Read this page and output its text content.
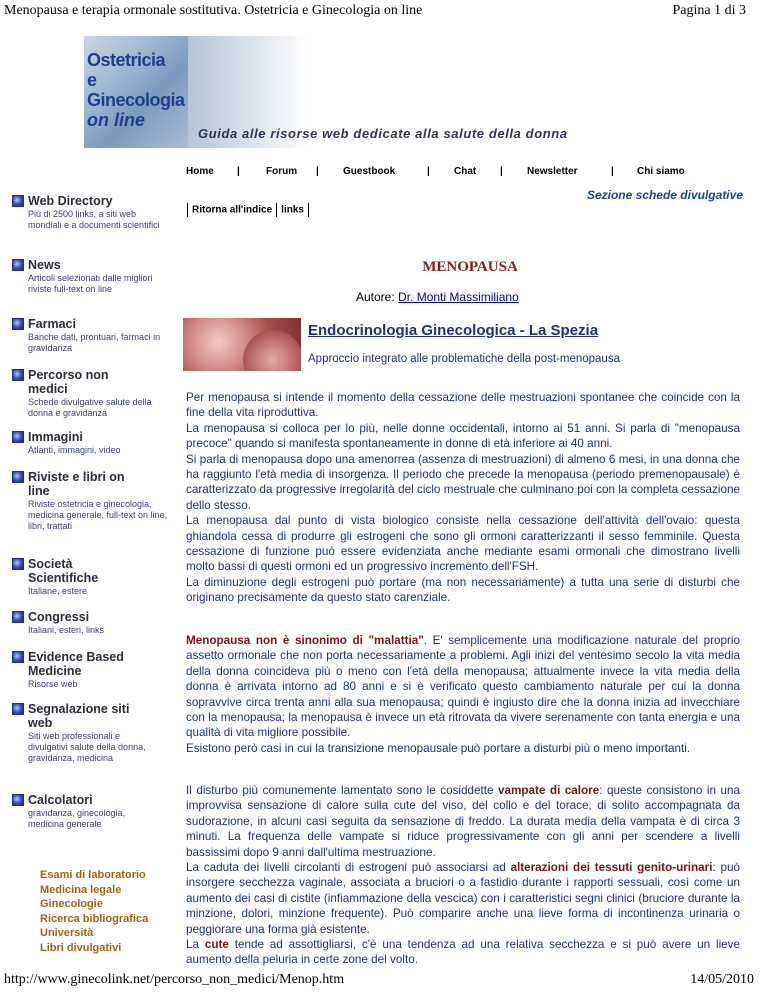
Menopausa e terapia ormonale sostitutiva. Ostetricia e Ginecologia on line	Pagina 1 di 3
Ostetricia
e Ginecologia
on line
Guida alle risorse web dedicate alla salute della donna
Home |	Forum | Guestbook	| Chat | Newsletter	| Chi siamo
Sezione schede divulgative
Ritorna all'indice links
Web Directory
Più di 2500 links, a siti web mondiali e a documenti scientifici
News
Articoli selezionati dalle migliori riviste full-text on line
Farmaci
Banche dati, prontuari, farmaci in gravidanza
Percorso non medici
Schede divulgative salute della donna e gravidanza
Immagini
Atlanti, immagini, video
Riviste e libri on line
Riviste ostetricia e ginecologia, medicina generale, full-text on line, libri, trattati
Società Scientifiche
Italiane, estere
Congressi
Italiani, esteri, links
Evidence Based Medicine
Risorse web
Segnalazione siti web
Siti web professionali e divulgativi salute della donna, gravidanza, medicina
Calcolatori
gravidanza, ginecologia, medicina generale
Esami di laboratorio
Medicina legale
Ginecologie
Ricerca bibliografica
Università
Libri divulgativi
MENOPAUSA
Autore: Dr. Monti Massimiliano
Endocrinologia Ginecologica - La Spezia
Approccio integrato alle problematiche della post-menopausa

Per menopausa si intende il momento della cessazione delle mestruazioni spontanee che coincide con la fine della vita riproduttiva.

La menopausa si colloca per lo più, nelle donne occidentali, intorno ai 51 anni. Si parla di "menopausa precoce" quando si manifesta spontaneamente in donne di età inferiore ai 40 anni.

Si parla di menopausa dopo una amenorrea (assenza di mestruazioni) di almeno 6 mesi, in una donna che ha raggiunto l'età media di insorgenza. Il periodo che precede la menopausa (periodo premenopausale) è caratterizzato da progressive irregolarità del ciclo mestruale che culminano poi con la completa cessazione dello stesso.

La menopausa dal punto di vista biologico consiste nella cessazione dell'attività dell'ovaio: questa ghiandola cessa di produrre gli estrogeni che sono gli ormoni caratterizzanti il sesso femminile. Questa cessazione di funzione può essere evidenziata anche mediante esami ormonali che dimostrano livelli molto bassi di questi ormoni ed un progressivo incremento dell'FSH.

La diminuzione degli estrogeni può portare (ma non necessariamente) a tutta una serie di disturbi che originano precisamente da questo stato carenziale.

Menopausa non è sinonimo di "malattia". E' semplicemente una modificazione naturale del proprio assetto ormonale che non porta necessariamente a problemi. Agli inizi del ventesimo secolo la vita media della donna coincideva più o meno con l'età della menopausa; attualmente invece la vita media della donna è arrivata intorno ad 80 anni e si è verificato questo cambiamento naturale per cui la donna sopravvive circa trenta anni alla sua menopausa; quindi è ingiusto dire che la donna inizia ad invecchiare con la menopausa; la menopausa è invece un età ritrovata da vivere serenamente con tanta energia e una qualità di vita migliore possibile.

Esistono però casi in cui la transizione menopausale può portare a disturbi più o meno importanti.

Il disturbo più comunemente lamentato sono le cosiddette vampate di calore: queste consistono in una improvvisa sensazione di calore sulla cute del viso, del collo e del torace, di solito accompagnata da sudorazione, in alcuni casi seguita da sensazione di freddo. La durata media della vampata è di circa 3 minuti. La frequenza delle vampate si riduce progressivamente con gli anni per scendere a livelli bassissimi dopo 9 anni dall'ultima mestruazione.

La caduta dei livelli circolanti di estrogeni può associarsi ad alterazioni dei tessuti genito-urinari: può insorgere secchezza vaginale, associata a bruciori o a fastidio durante i rapporti sessuali, così come un aumento dei casi di cistite (infiammazione della vescica) con i caratteristici segni clinici (bruciore durante la minzione, dolori, minzione frequente). Può comparire anche una lieve forma di incontinenza urinaria o peggiorare una forma già esistente.

La cute tende ad assottigliarsi, c'è una tendenza ad una relativa secchezza e si può avere un lieve aumento della peluria in certe zone del volto.

http://www.ginecolink.net/percorso_non_medici/Menop.htm	14/05/2010
